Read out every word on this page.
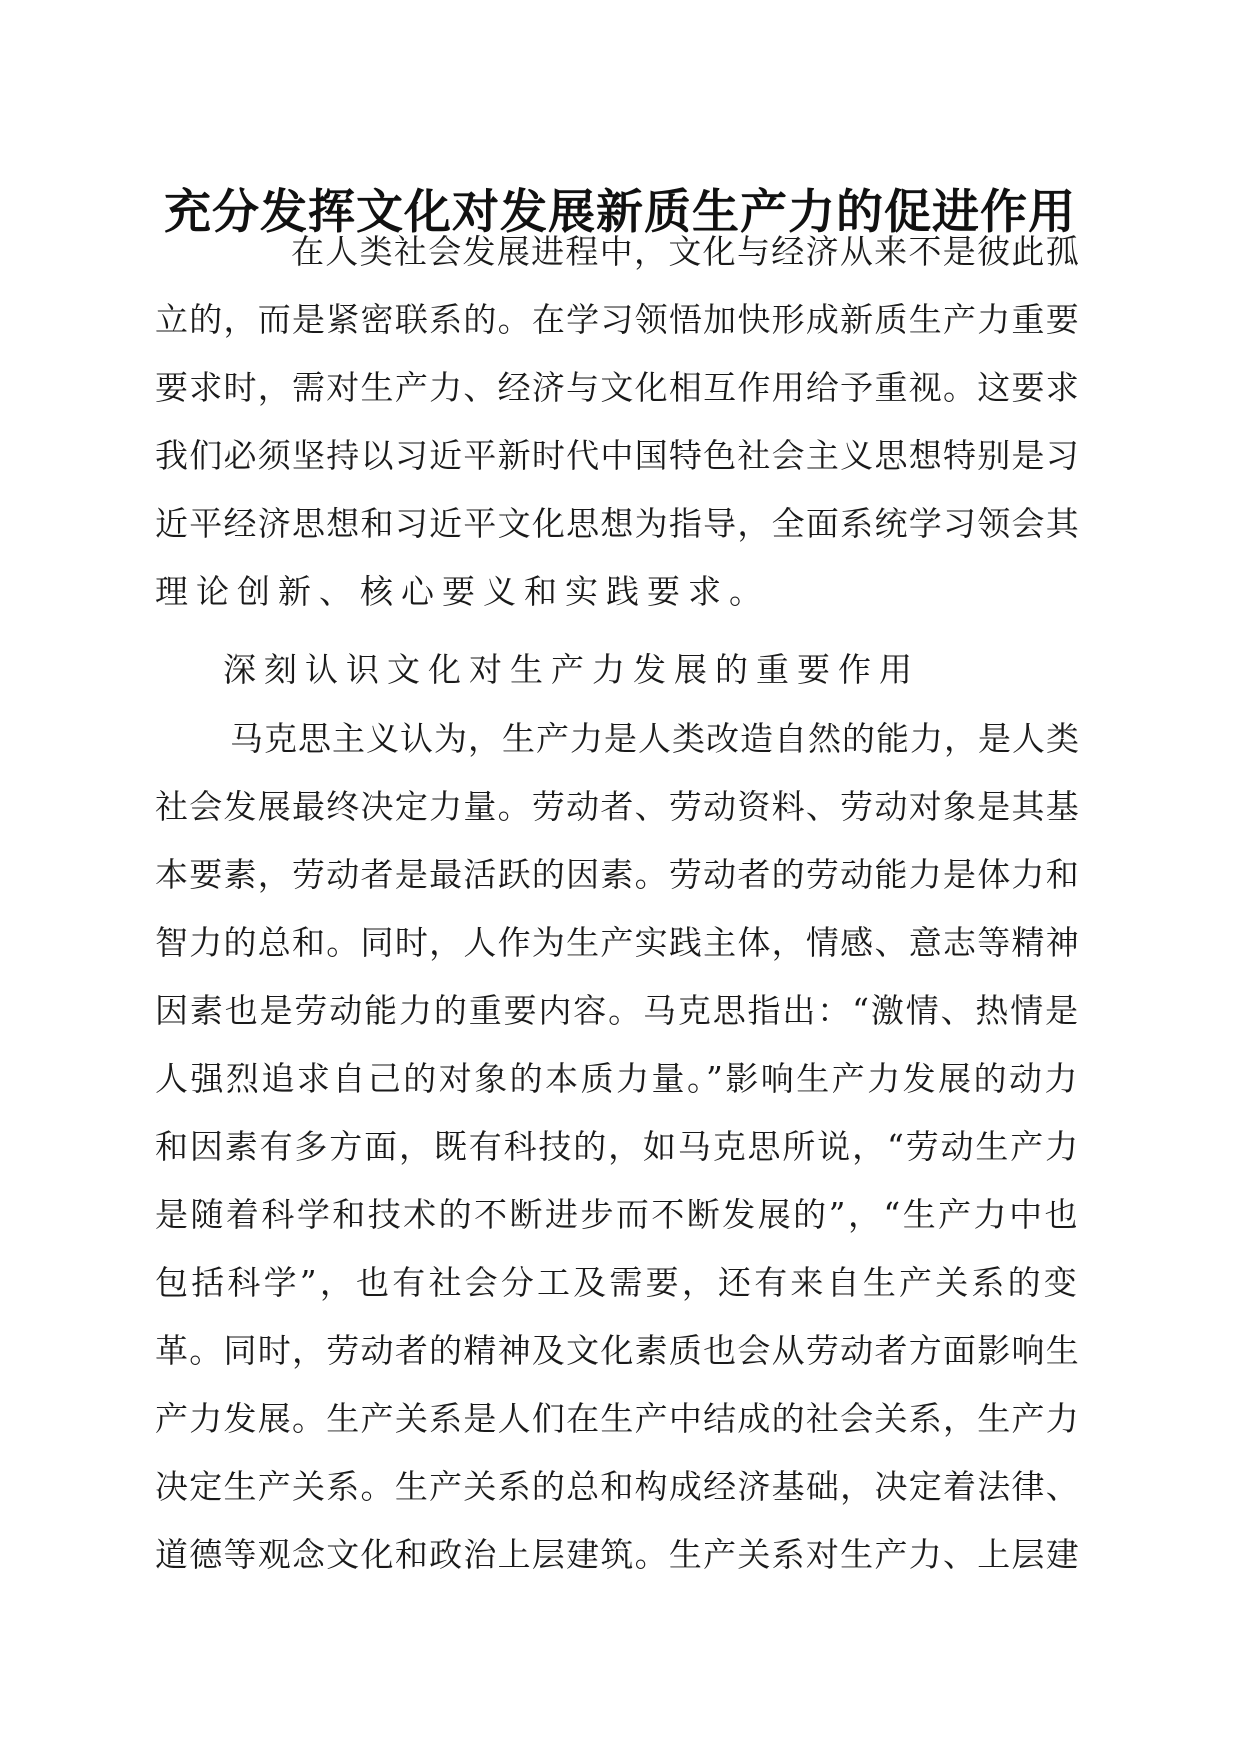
充分发挥文化对发展新质生产力的促进作用
在人类社会发展进程中，文化与经济从来不是彼此孤
立的，而是紧密联系的。在学习领悟加快形成新质生产力重要
要求时，需对生产力、经济与文化相互作用给予重视。这要求
我们必须坚持以习近平新时代中国特色社会主义思想特别是习
近平经济思想和习近平文化思想为指导，全面系统学习领会其
理论创新、核心要义和实践要求。
深刻认识文化对生产力发展的重要作用
马克思主义认为，生产力是人类改造自然的能力，是人类
社会发展最终决定力量。劳动者、劳动资料、劳动对象是其基
本要素，劳动者是最活跃的因素。劳动者的劳动能力是体力和
智力的总和。同时，人作为生产实践主体，情感、意志等精神
因素也是劳动能力的重要内容。马克思指出：“激情、热情是
人强烈追求自己的对象的本质力量。”影响生产力发展的动力
和因素有多方面，既有科技的，如马克思所说，“劳动生产力
是随着科学和技术的不断进步而不断发展的”，“生产力中也
包括科学”，也有社会分工及需要，还有来自生产关系的变
革。同时，劳动者的精神及文化素质也会从劳动者方面影响生
产力发展。生产关系是人们在生产中结成的社会关系，生产力
决定生产关系。生产关系的总和构成经济基础，决定着法律、
道德等观念文化和政治上层建筑。生产关系对生产力、上层建
